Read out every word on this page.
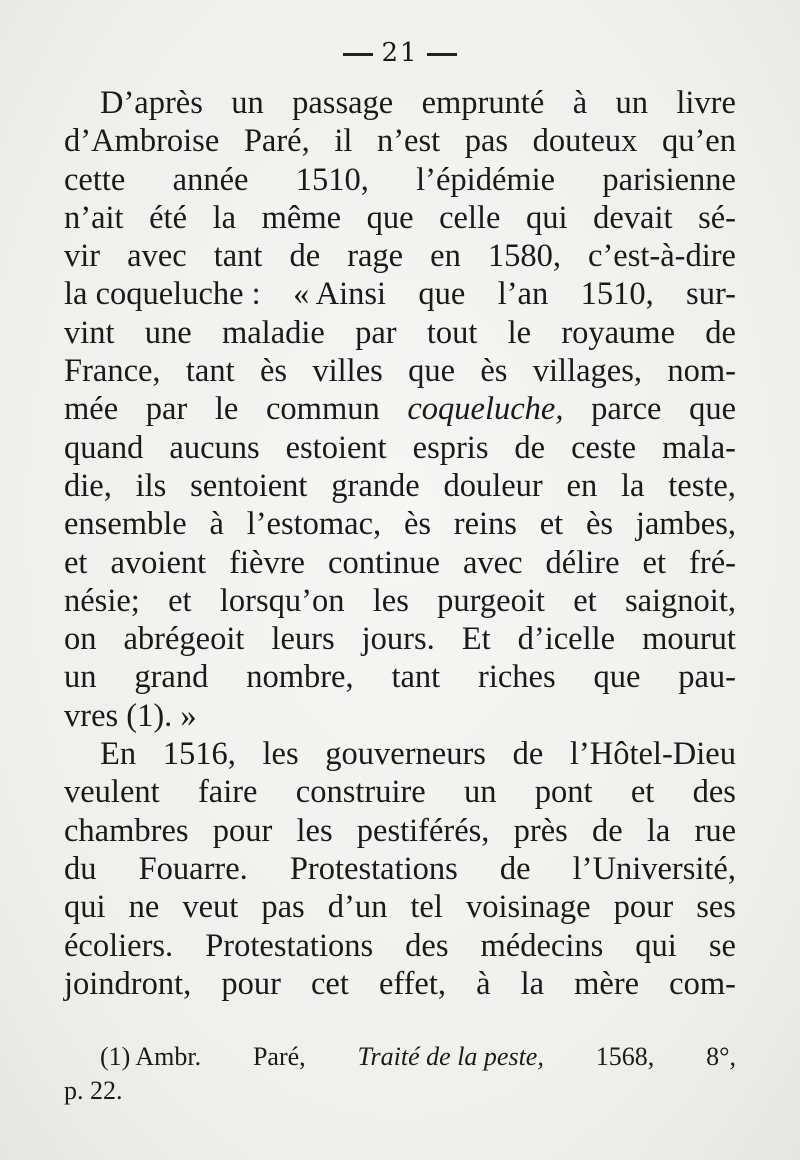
21
D’après un passage emprunté à un livre
d’Ambroise Paré, il n’est pas douteux qu’en
cette année 1510, l’épidémie parisienne
n’ait été la même que celle qui devait sé-
vir avec tant de rage en 1580, c’est-à-dire
la coqueluche : « Ainsi que l’an 1510, sur-
vint une maladie par tout le royaume de
France, tant ès villes que ès villages, nom-
mée par le commun coqueluche, parce que
quand aucuns estoient espris de ceste mala-
die, ils sentoient grande douleur en la teste,
ensemble à l’estomac, ès reins et ès jambes,
et avoient fièvre continue avec délire et fré-
nésie; et lorsqu’on les purgeoit et saignoit,
on abrégeoit leurs jours. Et d’icelle mourut
un grand nombre, tant riches que pau-
vres (1). »
En 1516, les gouverneurs de l’Hôtel-Dieu
veulent faire construire un pont et des
chambres pour les pestiférés, près de la rue
du Fouarre. Protestations de l’Université,
qui ne veut pas d’un tel voisinage pour ses
écoliers. Protestations des médecins qui se
joindront, pour cet effet, à la mère com-
(1) Ambr. Paré, Traité de la peste, 1568, 8°,
p. 22.
